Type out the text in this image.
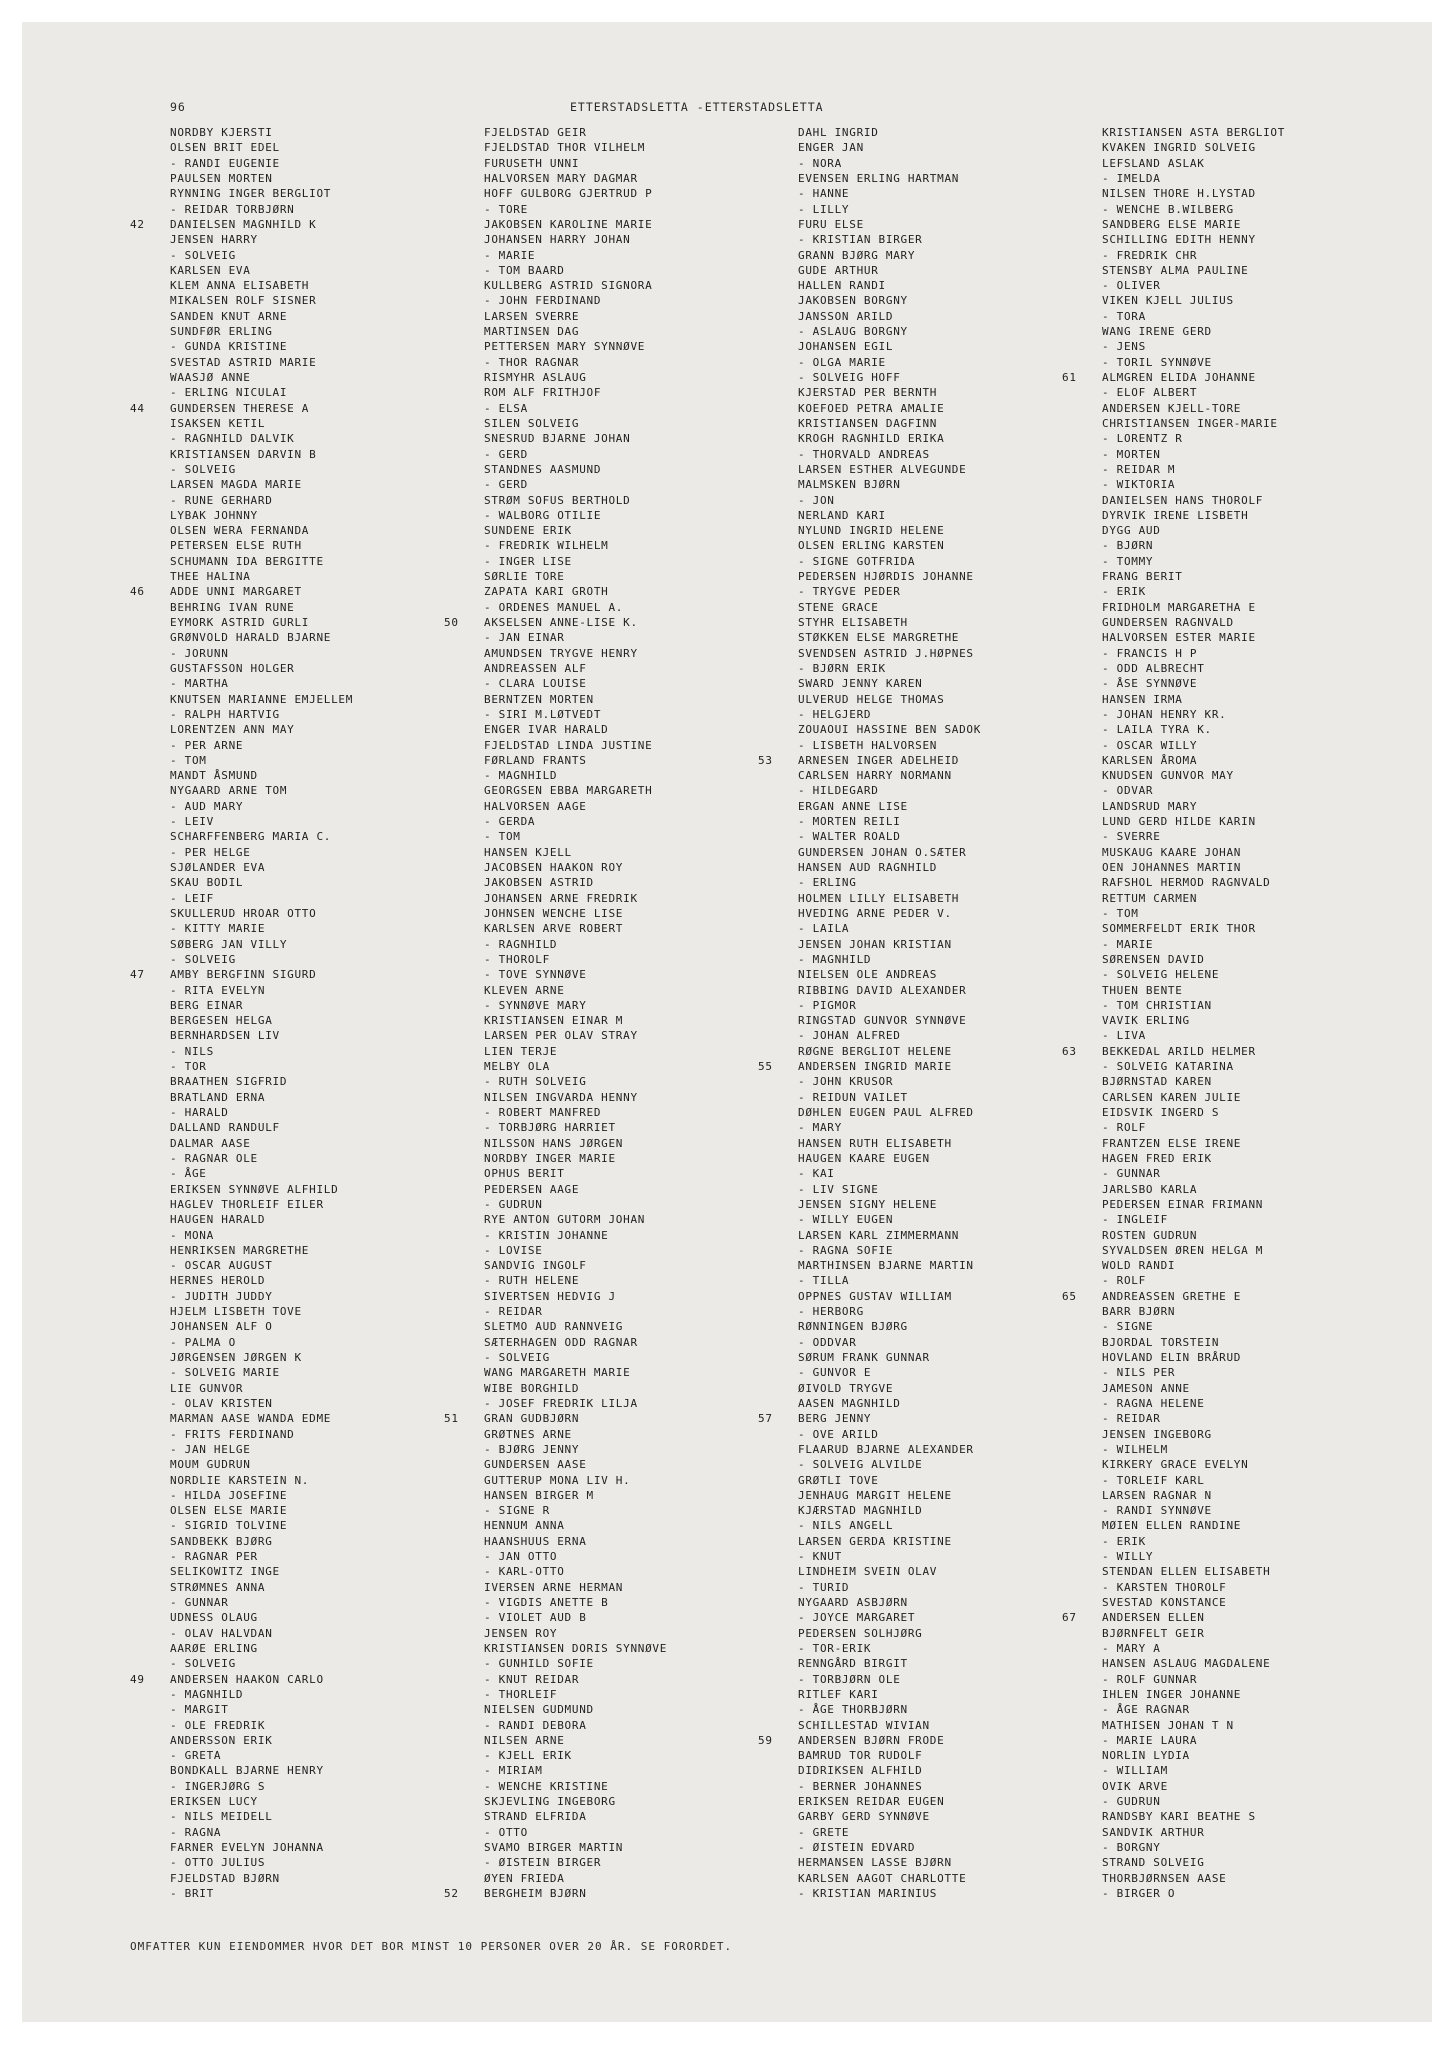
96	ETTERSTADSLETTA -ETTERSTADSLETTA
NORDBY KJERSTI
OLSEN BRIT EDEL
- RANDI EUGENIE
PAULSEN MORTEN
RYNNING INGER BERGLIOT
- REIDAR TORBJØRN
42 DANIELSEN MAGNHILD K
JENSEN HARRY
- SOLVEIG
KARLSEN EVA
KLEM ANNA ELISABETH
MIKALSEN ROLF SISNER
SANDEN KNUT ARNE
SUNDFØR ERLING
- GUNDA KRISTINE
SVESTAD ASTRID MARIE
WAASJØ ANNE
- ERLING NICULAI
44 GUNDERSEN THERESE A
ISAKSEN KETIL
- RAGNHILD DALVIK
KRISTIANSEN DARVIN B
- SOLVEIG
LARSEN MAGDA MARIE
- RUNE GERHARD
LYBAK JOHNNY
OLSEN WERA FERNANDA
PETERSEN ELSE RUTH
SCHUMANN IDA BERGITTE
THEE HALINA
46 ADDE UNNI MARGARET
BEHRING IVAN RUNE
EYMORK ASTRID GURLI
GRØNVOLD HARALD BJARNE
- JORUNN
GUSTAFSSON HOLGER
- MARTHA
KNUTSEN MARIANNE EMJELLEM
- RALPH HARTVIG
LORENTZEN ANN MAY
- PER ARNE
- TOM
MANDT ÅSMUND
NYGAARD ARNE TOM
- AUD MARY
- LEIV
SCHARFFENBERG MARIA C.
- PER HELGE
SJØLANDER EVA
SKAU BODIL
- LEIF
SKULLERUD HROAR OTTO
- KITTY MARIE
SØBERG JAN VILLY
- SOLVEIG
47 AMBY BERGFINN SIGURD
- RITA EVELYN
BERG EINAR
BERGESEN HELGA
BERNHARDSEN LIV
- NILS
- TOR
BRAATHEN SIGFRID
BRATLAND ERNA
- HARALD
DALLAND RANDULF
DALMAR AASE
- RAGNAR OLE
- ÅGE
ERIKSEN SYNNØVE ALFHILD
HAGLEV THORLEIF EILER
HAUGEN HARALD
- MONA
HENRIKSEN MARGRETHE
- OSCAR AUGUST
HERNES HEROLD
- JUDITH JUDDY
HJELM LISBETH TOVE
JOHANSEN ALF O
- PALMA O
JØRGENSEN JØRGEN K
- SOLVEIG MARIE
LIE GUNVOR
- OLAV KRISTEN
MARMAN AASE WANDA EDME
- FRITS FERDINAND
- JAN HELGE
MOUM GUDRUN
NORDLIE KARSTEIN N.
- HILDA JOSEFINE
OLSEN ELSE MARIE
- SIGRID TOLVINE
SANDBEKK BJØRG
- RAGNAR PER
SELIKOWITZ INGE
STRØMNES ANNA
- GUNNAR
UDNESS OLAUG
- OLAV HALVDAN
AARØE ERLING
- SOLVEIG
49 ANDERSEN HAAKON CARLO
- MAGNHILD
- MARGIT
- OLE FREDRIK
ANDERSSON ERIK
- GRETA
BONDKALL BJARNE HENRY
- INGERJØRG S
ERIKSEN LUCY
- NILS MEIDELL
- RAGNA
FARNER EVELYN JOHANNA
- OTTO JULIUS
FJELDSTAD BJØRN
- BRIT
FJELDSTAD GEIR
FJELDSTAD THOR VILHELM
FURUSETH UNNI
HALVORSEN MARY DAGMAR
HOFF GULBORG GJERTRUD P
- TORE
JAKOBSEN KAROLINE MARIE
JOHANSEN HARRY JOHAN
- MARIE
- TOM BAARD
KULLBERG ASTRID SIGNORA
- JOHN FERDINAND
LARSEN SVERRE
MARTINSEN DAG
PETTERSEN MARY SYNNØVE
- THOR RAGNAR
RISMYHR ASLAUG
ROM ALF FRITHJOF
- ELSA
SILEN SOLVEIG
SNESRUD BJARNE JOHAN
- GERD
STANDNES AASMUND
- GERD
STRØM SOFUS BERTHOLD
- WALBORG OTILIE
SUNDENE ERIK
- FREDRIK WILHELM
- INGER LISE
SØRLIE TORE
ZAPATA KARI GROTH
- ORDENES MANUEL A.
50 AKSELSEN ANNE-LISE K.
- JAN EINAR
AMUNDSEN TRYGVE HENRY
ANDREASSEN ALF
- CLARA LOUISE
BERNTZEN MORTEN
- SIRI M.LØTVEDT
ENGER IVAR HARALD
FJELDSTAD LINDA JUSTINE
FØRLAND FRANTS
- MAGNHILD
GEORGSEN EBBA MARGARETH
HALVORSEN AAGE
- GERDA
- TOM
HANSEN KJELL
JACOBSEN HAAKON ROY
JAKOBSEN ASTRID
JOHANSEN ARNE FREDRIK
JOHNSEN WENCHE LISE
KARLSEN ARVE ROBERT
- RAGNHILD
- THOROLF
- TOVE SYNNØVE
KLEVEN ARNE
- SYNNØVE MARY
KRISTIANSEN EINAR M
LARSEN PER OLAV STRAY
LIEN TERJE
MELBY OLA
- RUTH SOLVEIG
NILSEN INGVARDA HENNY
- ROBERT MANFRED
- TORBJØRG HARRIET
NILSSON HANS JØRGEN
NORDBY INGER MARIE
OPHUS BERIT
PEDERSEN AAGE
- GUDRUN
RYE ANTON GUTORM JOHAN
- KRISTIN JOHANNE
- LOVISE
SANDVIG INGOLF
- RUTH HELENE
SIVERTSEN HEDVIG J
- REIDAR
SLETMO AUD RANNVEIG
SÆTERHAGEN ODD RAGNAR
- SOLVEIG
WANG MARGARETH MARIE
WIBE BORGHILD
- JOSEF FREDRIK LILJA
51 GRAN GUDBJØRN
GRØTNES ARNE
- BJØRG JENNY
GUNDERSEN AASE
GUTTERUP MONA LIV H.
HANSEN BIRGER M
- SIGNE R
HENNUM ANNA
HAANSHUUS ERNA
- JAN OTTO
- KARL-OTTO
IVERSEN ARNE HERMAN
- VIGDIS ANETTE B
- VIOLET AUD B
JENSEN ROY
KRISTIANSEN DORIS SYNNØVE
- GUNHILD SOFIE
- KNUT REIDAR
- THORLEIF
NIELSEN GUDMUND
- RANDI DEBORA
NILSEN ARNE
- KJELL ERIK
- MIRIAM
- WENCHE KRISTINE
SKJEVLING INGEBORG
STRAND ELFRIDA
- OTTO
SVAMO BIRGER MARTIN
- ØISTEIN BIRGER
ØYEN FRIEDA
52 BERGHEIM BJØRN
DAHL INGRID
ENGER JAN
- NORA
EVENSEN ERLING HARTMAN
- HANNE
- LILLY
FURU ELSE
- KRISTIAN BIRGER
GRANN BJØRG MARY
GUDE ARTHUR
HALLEN RANDI
JAKOBSEN BORGNY
JANSSON ARILD
- ASLAUG BORGNY
JOHANSEN EGIL
- OLGA MARIE
- SOLVEIG HOFF
KJERSTAD PER BERNTH
KOEFOED PETRA AMALIE
KRISTIANSEN DAGFINN
KROGH RAGNHILD ERIKA
- THORVALD ANDREAS
LARSEN ESTHER ALVEGUNDE
MALMSKEN BJØRN
- JON
NERLAND KARI
NYLUND INGRID HELENE
OLSEN ERLING KARSTEN
- SIGNE GOTFRIDA
PEDERSEN HJØRDIS JOHANNE
- TRYGVE PEDER
STENE GRACE
STYHR ELISABETH
STØKKEN ELSE MARGRETHE
SVENDSEN ASTRID J.HØPNES
- BJØRN ERIK
SWARD JENNY KAREN
ULVERUD HELGE THOMAS
- HELGJERD
ZOUAOUI HASSINE BEN SADOK
- LISBETH HALVORSEN
53 ARNESEN INGER ADELHEID
CARLSEN HARRY NORMANN
- HILDEGARD
ERGAN ANNE LISE
- MORTEN REILI
- WALTER ROALD
GUNDERSEN JOHAN O.SÆTER
HANSEN AUD RAGNHILD
- ERLING
HOLMEN LILLY ELISABETH
HVEDING ARNE PEDER V.
- LAILA
JENSEN JOHAN KRISTIAN
- MAGNHILD
NIELSEN OLE ANDREAS
RIBBING DAVID ALEXANDER
- PIGMOR
RINGSTAD GUNVOR SYNNØVE
- JOHAN ALFRED
RØGNE BERGLIOT HELENE
55 ANDERSEN INGRID MARIE
- JOHN KRUSOR
- REIDUN VAILET
DØHLEN EUGEN PAUL ALFRED
- MARY
HANSEN RUTH ELISABETH
HAUGEN KAARE EUGEN
- KAI
- LIV SIGNE
JENSEN SIGNY HELENE
- WILLY EUGEN
LARSEN KARL ZIMMERMANN
- RAGNA SOFIE
MARTHINSEN BJARNE MARTIN
- TILLA
OPPNES GUSTAV WILLIAM
- HERBORG
RØNNINGEN BJØRG
- ODDVAR
SØRUM FRANK GUNNAR
- GUNVOR E
ØIVOLD TRYGVE
AASEN MAGNHILD
57 BERG JENNY
- OVE ARILD
FLAARUD BJARNE ALEXANDER
- SOLVEIG ALVILDE
GRØTLI TOVE
JENHAUG MARGIT HELENE
KJÆRSTAD MAGNHILD
- NILS ANGELL
LARSEN GERDA KRISTINE
- KNUT
LINDHEIM SVEIN OLAV
- TURID
NYGAARD ASBJØRN
- JOYCE MARGARET
PEDERSEN SOLHJØRG
- TOR-ERIK
RENNGÅRD BIRGIT
- TORBJØRN OLE
RITLEF KARI
- ÅGE THORBJØRN
SCHILLESTAD WIVIAN
59 ANDERSEN BJØRN FRODE
BAMRUD TOR RUDOLF
DIDRIKSEN ALFHILD
- BERNER JOHANNES
ERIKSEN REIDAR EUGEN
GARBY GERD SYNNØVE
- GRETE
- ØISTEIN EDVARD
HERMANSEN LASSE BJØRN
KARLSEN AAGOT CHARLOTTE
- KRISTIAN MARINIUS
KRISTIANSEN ASTA BERGLIOT
KVAKEN INGRID SOLVEIG
LEFSLAND ASLAK
- IMELDA
NILSEN THORE H.LYSTAD
- WENCHE B.WILBERG
SANDBERG ELSE MARIE
SCHILLING EDITH HENNY
- FREDRIK CHR
STENSBY ALMA PAULINE
- OLIVER
VIKEN KJELL JULIUS
- TORA
WANG IRENE GERD
- JENS
- TORIL SYNNØVE
61 ALMGREN ELIDA JOHANNE
- ELOF ALBERT
ANDERSEN KJELL-TORE
CHRISTIANSEN INGER-MARIE
- LORENTZ R
- MORTEN
- REIDAR M
- WIKTORIA
DANIELSEN HANS THOROLF
DYRVIK IRENE LISBETH
DYGG AUD
- BJØRN
- TOMMY
FRANG BERIT
- ERIK
FRIDHOLM MARGARETHA E
GUNDERSEN RAGNVALD
HALVORSEN ESTER MARIE
- FRANCIS H P
- ODD ALBRECHT
- ÅSE SYNNØVE
HANSEN IRMA
- JOHAN HENRY KR.
- LAILA TYRA K.
- OSCAR WILLY
KARLSEN ÅROMA
KNUDSEN GUNVOR MAY
- ODVAR
LANDSRUD MARY
LUND GERD HILDE KARIN
- SVERRE
MUSKAUG KAARE JOHAN
OEN JOHANNES MARTIN
RAFSHOL HERMOD RAGNVALD
RETTUM CARMEN
- TOM
SOMMERFELDT ERIK THOR
- MARIE
SØRENSEN DAVID
- SOLVEIG HELENE
THUEN BENTE
- TOM CHRISTIAN
VAVIK ERLING
- LIVA
63 BEKKEDAL ARILD HELMER
- SOLVEIG KATARINA
BJØRNSTAD KAREN
CARLSEN KAREN JULIE
EIDSVIK INGERD S
- ROLF
FRANTZEN ELSE IRENE
HAGEN FRED ERIK
- GUNNAR
JARLSBO KARLA
PEDERSEN EINAR FRIMANN
- INGLEIF
ROSTEN GUDRUN
SYVALDSEN ØREN HELGA M
WOLD RANDI
- ROLF
65 ANDREASSEN GRETHE E
BARR BJØRN
- SIGNE
BJORDAL TORSTEIN
HOVLAND ELIN BRÅRUD
- NILS PER
JAMESON ANNE
- RAGNA HELENE
- REIDAR
JENSEN INGEBORG
- WILHELM
KIRKERY GRACE EVELYN
- TORLEIF KARL
LARSEN RAGNAR N
- RANDI SYNNØVE
MØIEN ELLEN RANDINE
- ERIK
- WILLY
STENDAN ELLEN ELISABETH
- KARSTEN THOROLF
SVESTAD KONSTANCE
67 ANDERSEN ELLEN
BJØRNFELT GEIR
- MARY A
HANSEN ASLAUG MAGDALENE
- ROLF GUNNAR
IHLEN INGER JOHANNE
- ÅGE RAGNAR
MATHISEN JOHAN T N
- MARIE LAURA
NORLIN LYDIA
- WILLIAM
OVIK ARVE
- GUDRUN
RANDSBY KARI BEATHE S
SANDVIK ARTHUR
- BORGNY
STRAND SOLVEIG
THORBJØRNSEN AASE
- BIRGER O
OMFATTER KUN EIENDOMMER HVOR DET BOR MINST 10 PERSONER OVER 20 ÅR. SE FORORDET.
